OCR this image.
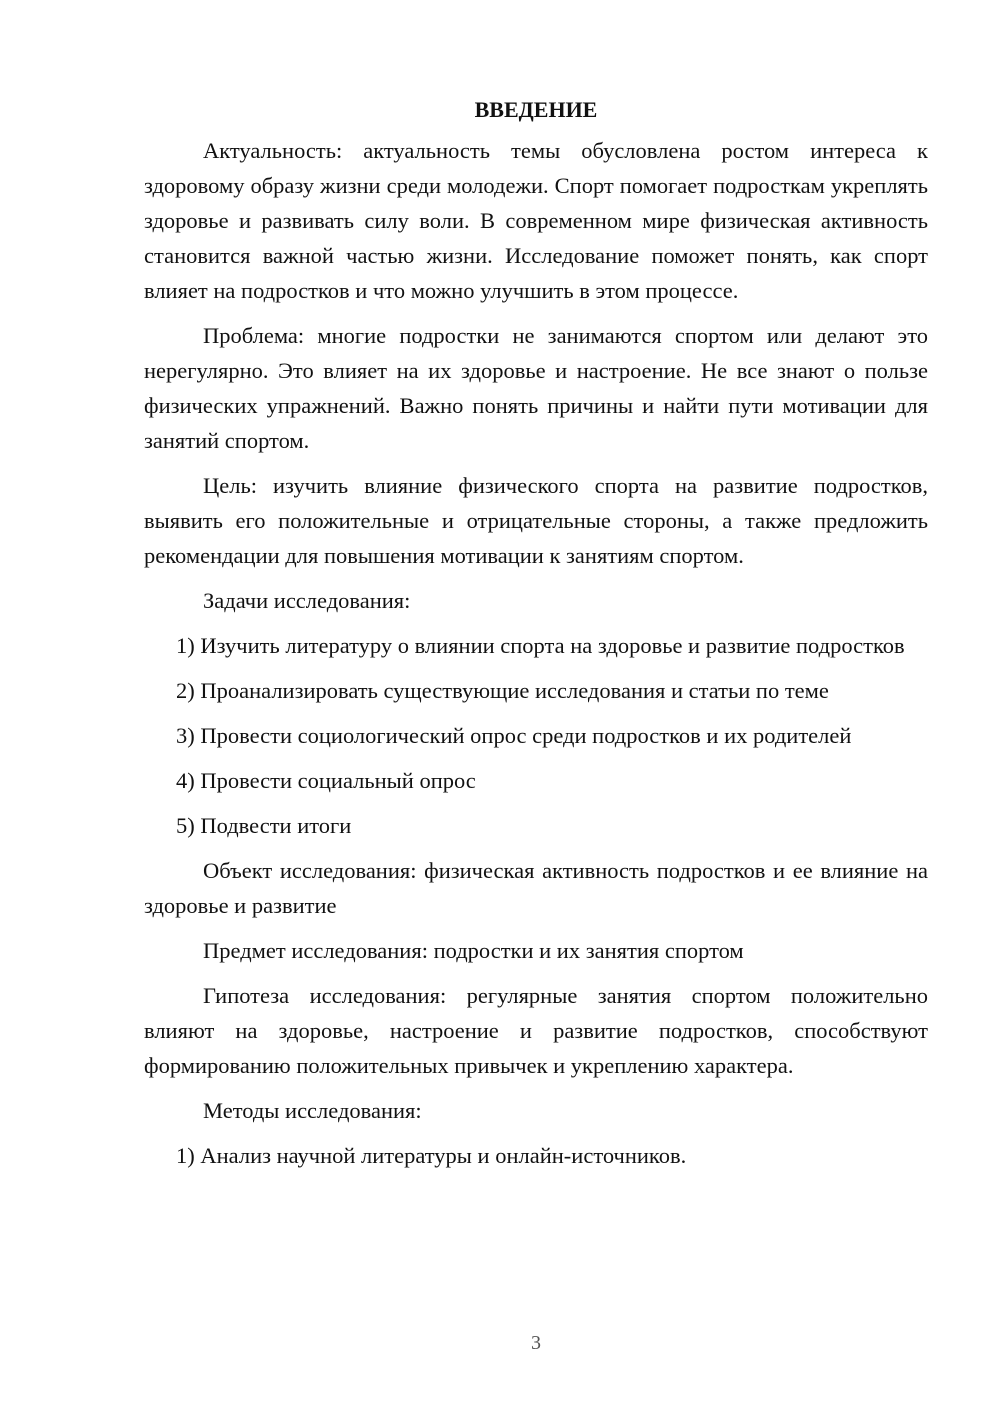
ВВЕДЕНИЕ

Актуальность: актуальность темы обусловлена ростом интереса к здоровому образу жизни среди молодежи. Спорт помогает подросткам укреплять здоровье и развивать силу воли. В современном мире физическая активность становится важной частью жизни. Исследование поможет понять, как спорт влияет на подростков и что можно улучшить в этом процессе.

Проблема: многие подростки не занимаются спортом или делают это нерегулярно. Это влияет на их здоровье и настроение. Не все знают о пользе физических упражнений. Важно понять причины и найти пути мотивации для занятий спортом.

Цель: изучить влияние физического спорта на развитие подростков, выявить его положительные и отрицательные стороны, а также предложить рекомендации для повышения мотивации к занятиям спортом.

Задачи исследования:

1) Изучить литературу о влиянии спорта на здоровье и развитие подростков

2) Проанализировать существующие исследования и статьи по теме

3) Провести социологический опрос среди подростков и их родителей

4) Провести социальный опрос

5) Подвести итоги

Объект исследования: физическая активность подростков и ее влияние на здоровье и развитие

Предмет исследования: подростки и их занятия спортом

Гипотеза исследования: регулярные занятия спортом положительно влияют на здоровье, настроение и развитие подростков, способствуют формированию положительных привычек и укреплению характера.

Методы исследования:

1) Анализ научной литературы и онлайн-источников.

3
